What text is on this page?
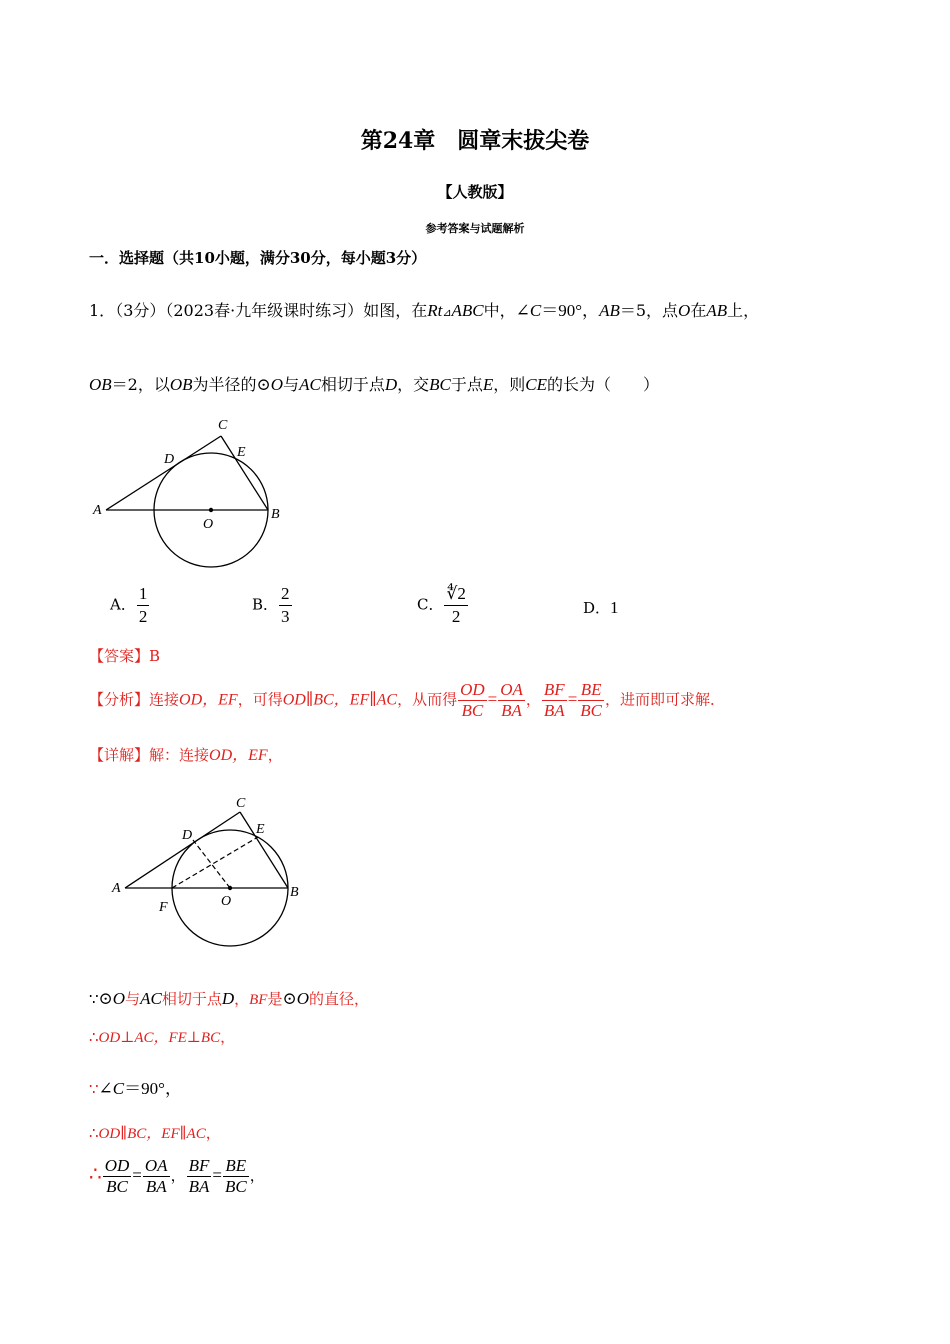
第24章　圆章末拔尖卷
【人教版】
参考答案与试题解析
一．选择题（共10小题，满分30分，每小题3分）
1．（3分）（2023春·九年级课时练习）如图，在Rt⊿ABC中，∠C＝90°，AB＝5，点O在AB上，
OB＝2，以OB为半径的⊙O与AC相切于点D，交BC于点E，则CE的长为（　　）
A	B
C
D	E
O
A． $\frac{1}{2}$	B． $\frac{2}{3}$	C． $\frac{∜2}{2}$	D．1
【答案】B
【分析】连接OD，EF，可得OD∥BC，EF∥AC，从而得 $\frac{OD}{BC} = \frac{OA}{BA}$ ， $\frac{BF}{BA} = \frac{BE}{BC}$ ，进而即可求解．
【详解】解：连接OD，EF，
A	B
C
D	E
F	O
∵⊙O与AC相切于点D，BF是⊙O的直径，
∴OD⊥AC，FE⊥BC，
∵∠C＝90°，
∴OD∥BC，EF∥AC，
∴ $\frac{OD}{BC} = \frac{OA}{BA}$ ， $\frac{BF}{BA} = \frac{BE}{BC}$ ，
